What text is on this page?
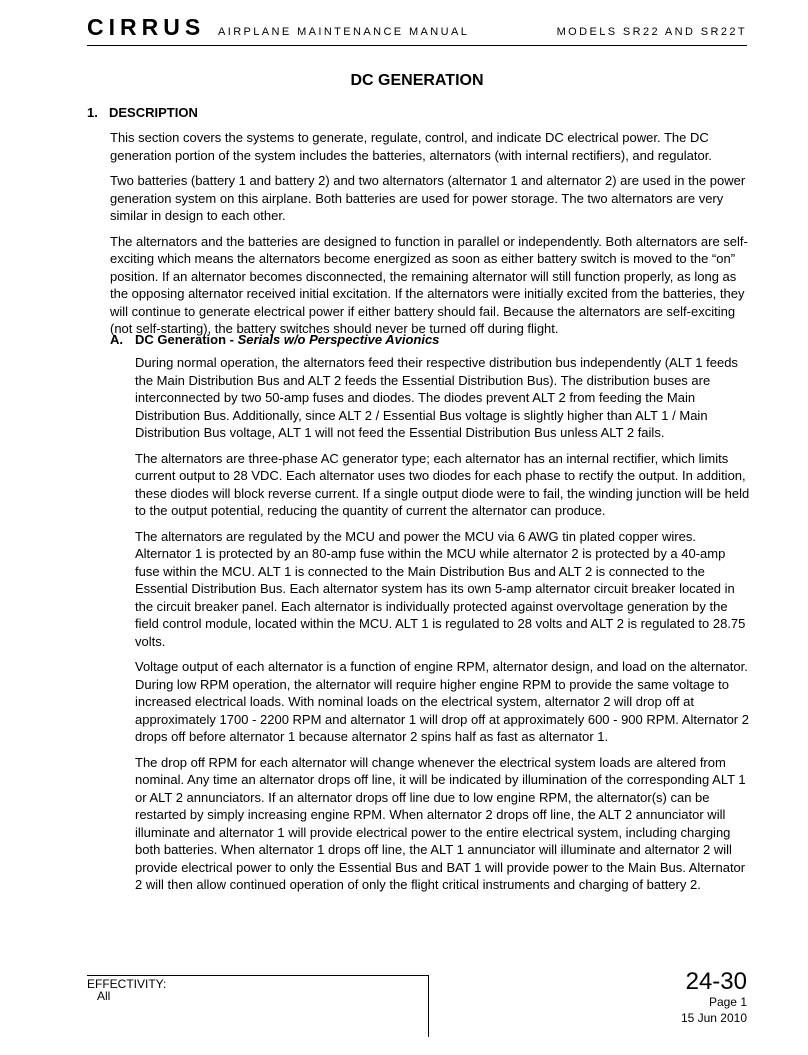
CIRRUS AIRPLANE MAINTENANCE MANUAL	MODELS SR22 AND SR22T
DC GENERATION
1. DESCRIPTION

This section covers the systems to generate, regulate, control, and indicate DC electrical power. The DC generation portion of the system includes the batteries, alternators (with internal rectifiers), and regulator.

Two batteries (battery 1 and battery 2) and two alternators (alternator 1 and alternator 2) are used in the power generation system on this airplane. Both batteries are used for power storage. The two alternators are very similar in design to each other.

The alternators and the batteries are designed to function in parallel or independently. Both alternators are self-exciting which means the alternators become energized as soon as either battery switch is moved to the “on” position. If an alternator becomes disconnected, the remaining alternator will still function properly, as long as the opposing alternator received initial excitation. If the alternators were initially excited from the batteries, they will continue to generate electrical power if either battery should fail. Because the alternators are self-exciting (not self-starting), the battery switches should never be turned off during flight.

A. DC Generation - Serials w/o Perspective Avionics

During normal operation, the alternators feed their respective distribution bus independently (ALT 1 feeds the Main Distribution Bus and ALT 2 feeds the Essential Distribution Bus). The distribution buses are interconnected by two 50-amp fuses and diodes. The diodes prevent ALT 2 from feeding the Main Distribution Bus. Additionally, since ALT 2 / Essential Bus voltage is slightly higher than ALT 1 / Main Distribution Bus voltage, ALT 1 will not feed the Essential Distribution Bus unless ALT 2 fails.

The alternators are three-phase AC generator type; each alternator has an internal rectifier, which limits current output to 28 VDC. Each alternator uses two diodes for each phase to rectify the output. In addition, these diodes will block reverse current. If a single output diode were to fail, the winding junction will be held to the output potential, reducing the quantity of current the alternator can produce.

The alternators are regulated by the MCU and power the MCU via 6 AWG tin plated copper wires. Alternator 1 is protected by an 80-amp fuse within the MCU while alternator 2 is protected by a 40-amp fuse within the MCU. ALT 1 is connected to the Main Distribution Bus and ALT 2 is connected to the Essential Distribution Bus. Each alternator system has its own 5-amp alternator circuit breaker located in the circuit breaker panel. Each alternator is individually protected against overvoltage generation by the field control module, located within the MCU. ALT 1 is regulated to 28 volts and ALT 2 is regulated to 28.75 volts.

Voltage output of each alternator is a function of engine RPM, alternator design, and load on the alternator. During low RPM operation, the alternator will require higher engine RPM to provide the same voltage to increased electrical loads. With nominal loads on the electrical system, alternator 2 will drop off at approximately 1700 - 2200 RPM and alternator 1 will drop off at approximately 600 - 900 RPM. Alternator 2 drops off before alternator 1 because alternator 2 spins half as fast as alternator 1.

The drop off RPM for each alternator will change whenever the electrical system loads are altered from nominal. Any time an alternator drops off line, it will be indicated by illumination of the corresponding ALT 1 or ALT 2 annunciators. If an alternator drops off line due to low engine RPM, the alternator(s) can be restarted by simply increasing engine RPM. When alternator 2 drops off line, the ALT 2 annunciator will illuminate and alternator 1 will provide electrical power to the entire electrical system, including charging both batteries. When alternator 1 drops off line, the ALT 1 annunciator will illuminate and alternator 2 will provide electrical power to only the Essential Bus and BAT 1 will provide power to the Main Bus. Alternator 2 will then allow continued operation of only the flight critical instruments and charging of battery 2.

EFFECTIVITY:
All
24-30
Page 1
15 Jun 2010
